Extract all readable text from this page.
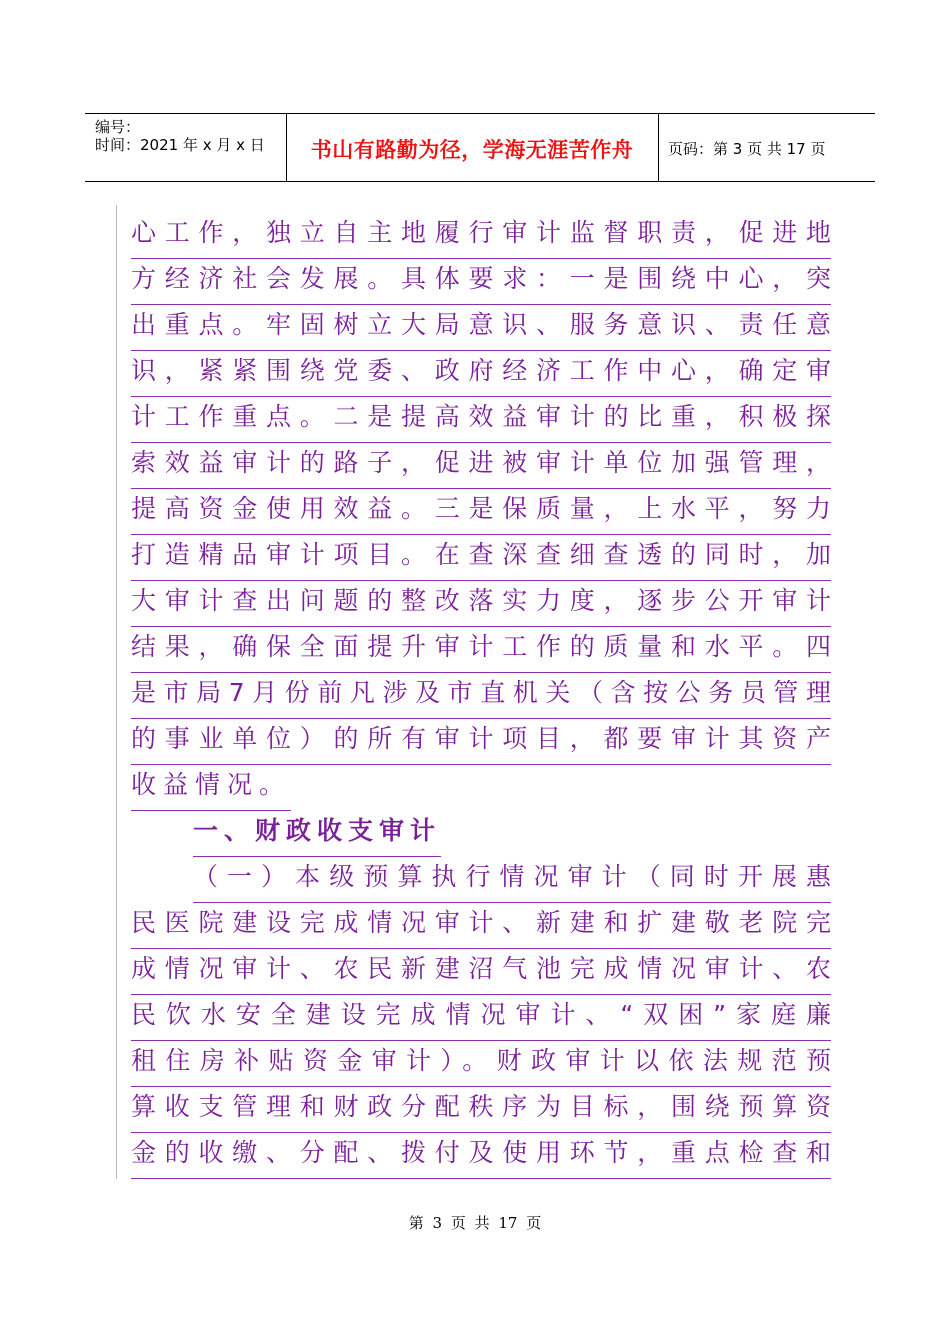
编号：
时间：2021 年 x 月 x 日	书山有路勤为径，学海无涯苦作舟	页码：第 3 页 共 17 页
心工作，独立自主地履行审计监督职责，促进地
方经济社会发展。具体要求：一是围绕中心，突
出重点。牢固树立大局意识、服务意识、责任意
识，紧紧围绕党委、政府经济工作中心，确定审
计工作重点。二是提高效益审计的比重，积极探
索效益审计的路子，促进被审计单位加强管理，
提高资金使用效益。三是保质量，上水平，努力
打造精品审计项目。在查深查细查透的同时，加
大审计查出问题的整改落实力度，逐步公开审计
结果，确保全面提升审计工作的质量和水平。四
是市局7月份前凡涉及市直机关（含按公务员管理
的事业单位）的所有审计项目，都要审计其资产
收益情况。
一、财政收支审计
（一）本级预算执行情况审计（同时开展惠
民医院建设完成情况审计、新建和扩建敬老院完
成情况审计、农民新建沼气池完成情况审计、农
民饮水安全建设完成情况审计、“双困”家庭廉
租住房补贴资金审计）。财政审计以依法规范预
算收支管理和财政分配秩序为目标，围绕预算资
金的收缴、分配、拨付及使用环节，重点检查和
第 3 页 共 17 页
